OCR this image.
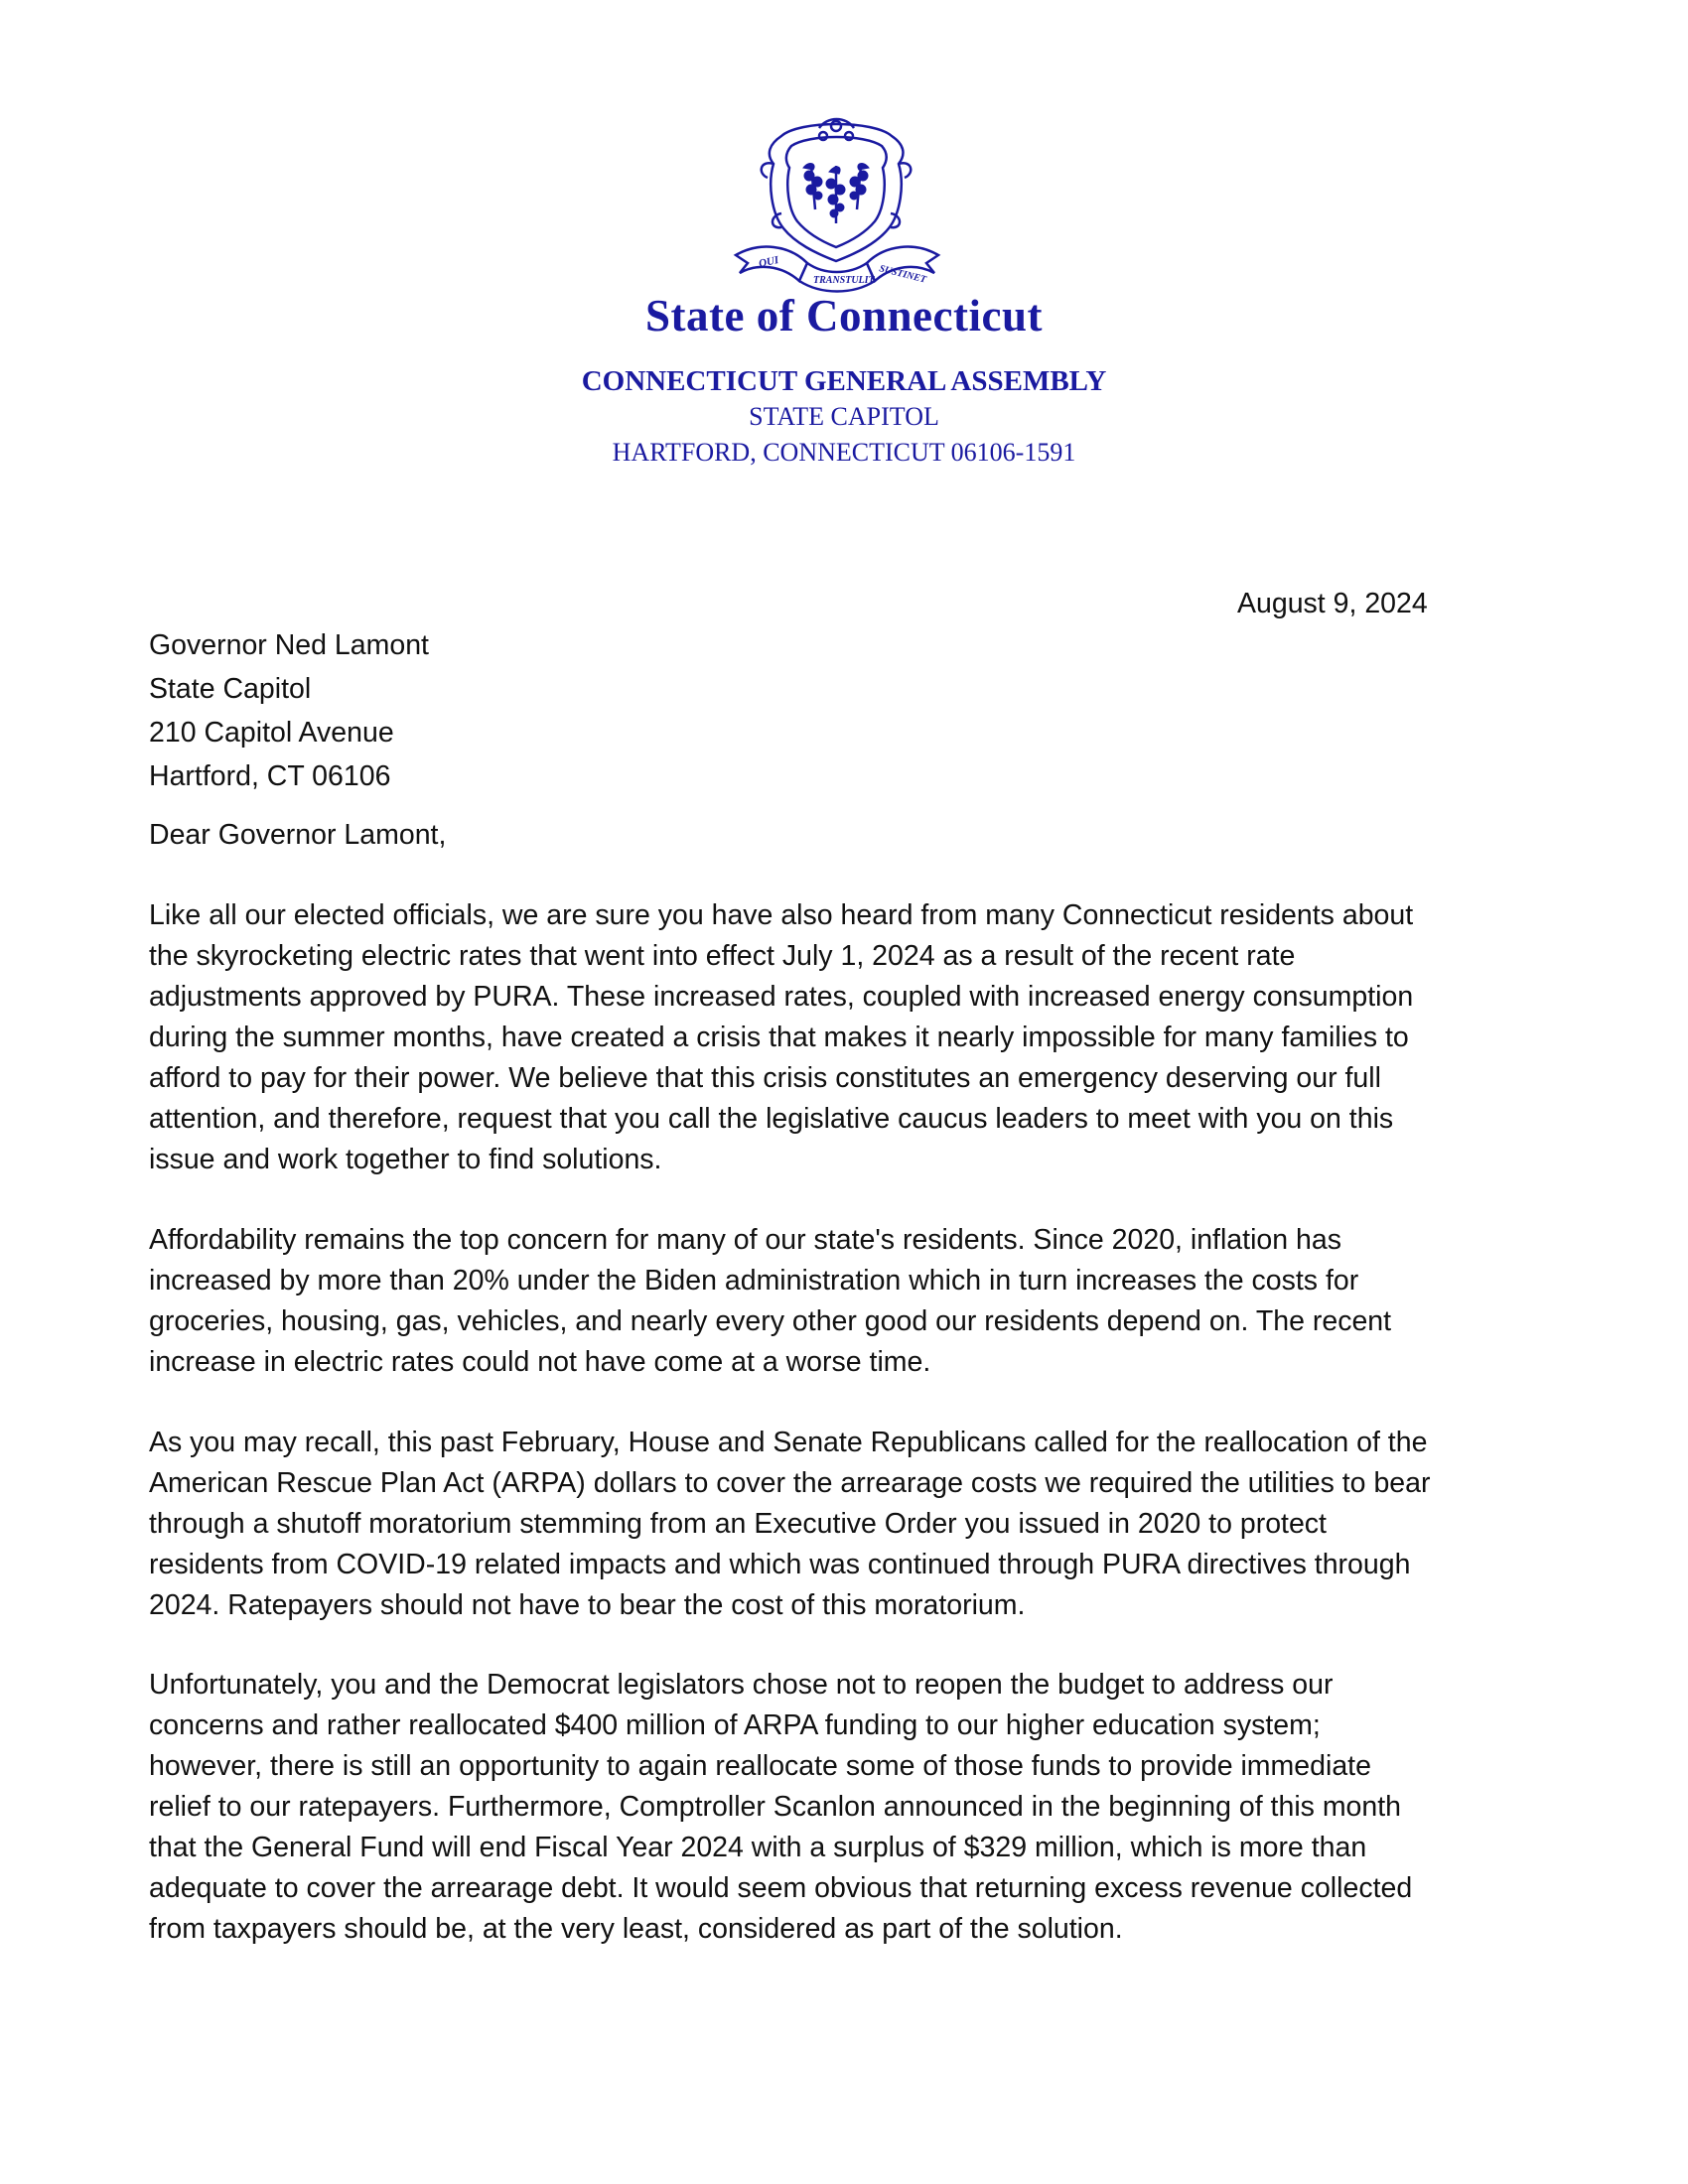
QUI
TRANSTULIT SUSTINET
State of Connecticut
CONNECTICUT GENERAL ASSEMBLY
STATE CAPITOL
HARTFORD, CONNECTICUT 06106-1591
August 9, 2024
Governor Ned Lamont
State Capitol
210 Capitol Avenue
Hartford, CT 06106
Dear Governor Lamont,
Like all our elected officials, we are sure you have also heard from many Connecticut residents about
the skyrocketing electric rates that went into effect July 1, 2024 as a result of the recent rate
adjustments approved by PURA. These increased rates, coupled with increased energy consumption
during the summer months, have created a crisis that makes it nearly impossible for many families to
afford to pay for their power. We believe that this crisis constitutes an emergency deserving our full
attention, and therefore, request that you call the legislative caucus leaders to meet with you on this
issue and work together to find solutions.
Affordability remains the top concern for many of our state's residents. Since 2020, inflation has
increased by more than 20% under the Biden administration which in turn increases the costs for
groceries, housing, gas, vehicles, and nearly every other good our residents depend on. The recent
increase in electric rates could not have come at a worse time.
As you may recall, this past February, House and Senate Republicans called for the reallocation of the
American Rescue Plan Act (ARPA) dollars to cover the arrearage costs we required the utilities to bear
through a shutoff moratorium stemming from an Executive Order you issued in 2020 to protect
residents from COVID-19 related impacts and which was continued through PURA directives through
2024. Ratepayers should not have to bear the cost of this moratorium.
Unfortunately, you and the Democrat legislators chose not to reopen the budget to address our
concerns and rather reallocated $400 million of ARPA funding to our higher education system;
however, there is still an opportunity to again reallocate some of those funds to provide immediate
relief to our ratepayers. Furthermore, Comptroller Scanlon announced in the beginning of this month
that the General Fund will end Fiscal Year 2024 with a surplus of $329 million, which is more than
adequate to cover the arrearage debt. It would seem obvious that returning excess revenue collected
from taxpayers should be, at the very least, considered as part of the solution.
